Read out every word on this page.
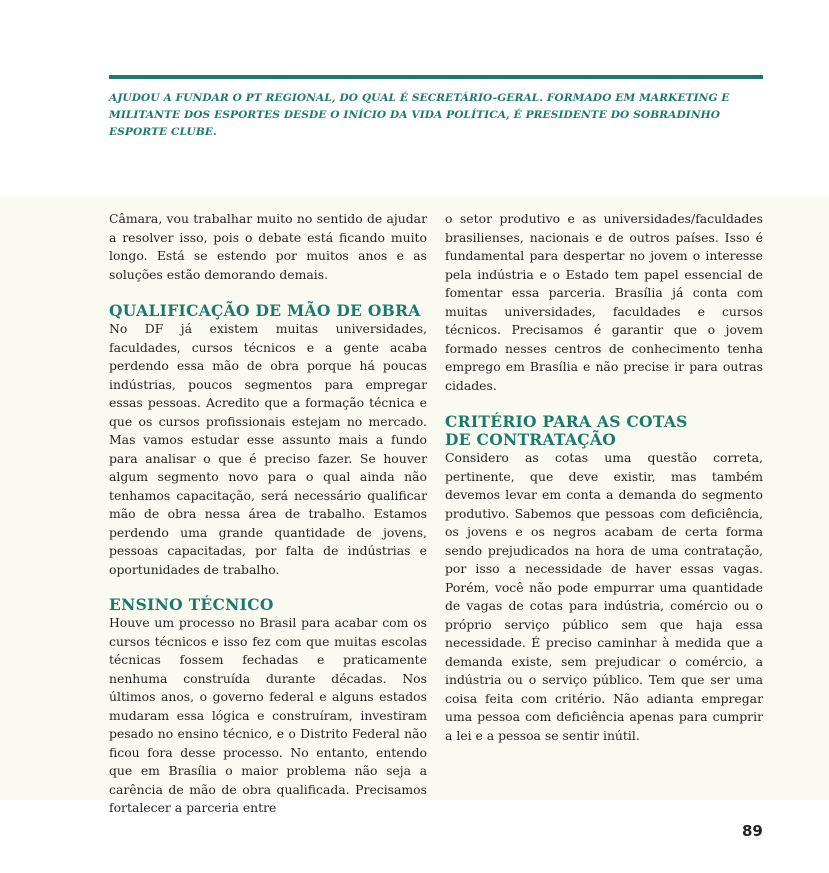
AJUDOU A FUNDAR O PT REGIONAL, DO QUAL É SECRETÁRIO-GERAL. FORMADO EM MARKETING E MILITANTE DOS ESPORTES DESDE O INÍCIO DA VIDA POLÍTICA, É PRESIDENTE DO SOBRADINHO ESPORTE CLUBE.

Câmara, vou trabalhar muito no sentido de ajudar a resolver isso, pois o debate está ficando muito longo. Está se estendo por muitos anos e as soluções estão demorando demais.

QUALIFICAÇÃO DE MÃO DE OBRA

No DF já existem muitas universidades, faculdades, cursos técnicos e a gente acaba perdendo essa mão de obra porque há poucas indústrias, poucos segmentos para empregar essas pessoas. Acredito que a formação técnica e que os cursos profissionais estejam no mercado. Mas vamos estudar esse assunto mais a fundo para analisar o que é preciso fazer. Se houver algum segmento novo para o qual ainda não tenhamos capacitação, será necessário qualificar mão de obra nessa área de trabalho. Estamos perdendo uma grande quantidade de jovens, pessoas capacitadas, por falta de indústrias e oportunidades de trabalho.

ENSINO TÉCNICO

Houve um processo no Brasil para acabar com os cursos técnicos e isso fez com que muitas escolas técnicas fossem fechadas e praticamente nenhuma construída durante décadas. Nos últimos anos, o governo federal e alguns estados mudaram essa lógica e construíram, investiram pesado no ensino técnico, e o Distrito Federal não ficou fora desse processo. No entanto, entendo que em Brasília o maior problema não seja a carência de mão de obra qualificada. Precisamos fortalecer a parceria entre

o setor produtivo e as universidades/faculdades brasilienses, nacionais e de outros países. Isso é fundamental para despertar no jovem o interesse pela indústria e o Estado tem papel essencial de fomentar essa parceria. Brasília já conta com muitas universidades, faculdades e cursos técnicos. Precisamos é garantir que o jovem formado nesses centros de conhecimento tenha emprego em Brasília e não precise ir para outras cidades.

CRITÉRIO PARA AS COTAS DE CONTRATAÇÃO

Considero as cotas uma questão correta, pertinente, que deve existir, mas também devemos levar em conta a demanda do segmento produtivo. Sabemos que pessoas com deficiência, os jovens e os negros acabam de certa forma sendo prejudicados na hora de uma contratação, por isso a necessidade de haver essas vagas. Porém, você não pode empurrar uma quantidade de vagas de cotas para indústria, comércio ou o próprio serviço público sem que haja essa necessidade. É preciso caminhar à medida que a demanda existe, sem prejudicar o comércio, a indústria ou o serviço público. Tem que ser uma coisa feita com critério. Não adianta empregar uma pessoa com deficiência apenas para cumprir a lei e a pessoa se sentir inútil.

89
